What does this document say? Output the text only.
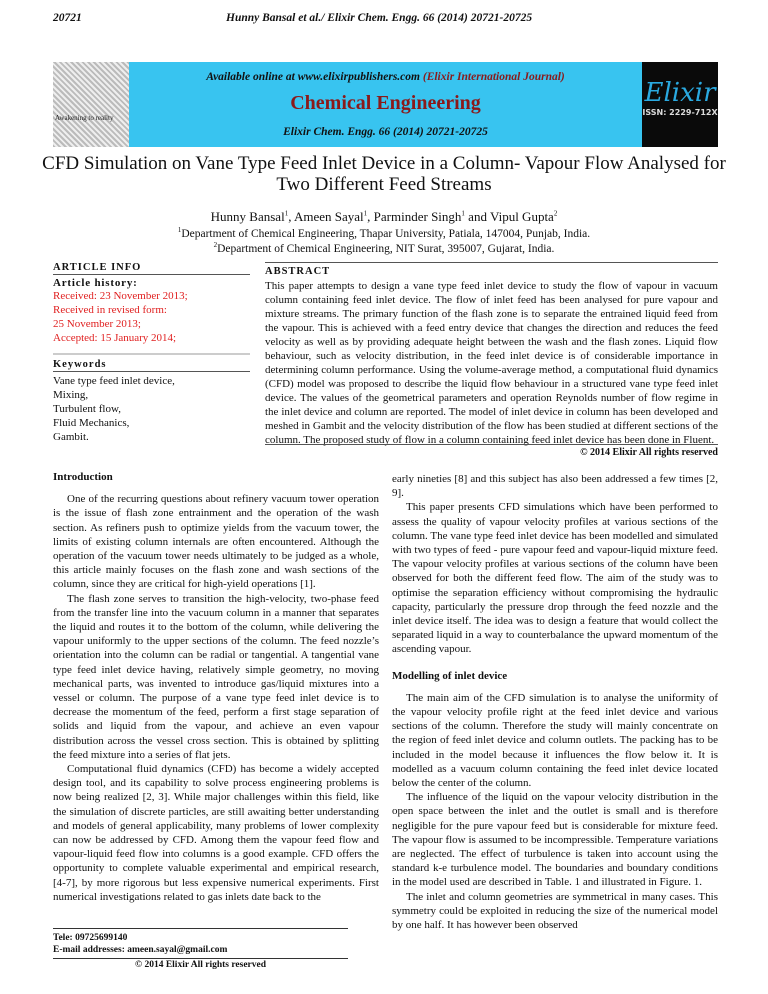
20721	Hunny Bansal et al./ Elixir Chem. Engg. 66 (2014) 20721-20725
Awakening to reality
Available online at www.elixirpublishers.com (Elixir International Journal)
Chemical Engineering
Elixir Chem. Engg. 66 (2014) 20721-20725
Elixir
ISSN: 2229-712X
CFD Simulation on Vane Type Feed Inlet Device in a Column- Vapour Flow Analysed for Two Different Feed Streams
Hunny Bansal$^1$, Ameen Sayal$^1$, Parminder Singh$^1$ and Vipul Gupta$^2$
$^1$Department of Chemical Engineering, Thapar University, Patiala, 147004, Punjab, India.
$^2$Department of Chemical Engineering, NIT Surat, 395007, Gujarat, India.
ARTICLE INFO
Article history:
Received: 23 November 2013;
Received in revised form:
25 November 2013;
Accepted: 15 January 2014;
Keywords
Vane type feed inlet device,
Mixing,
Turbulent flow,
Fluid Mechanics,
Gambit.
ABSTRACT

This paper attempts to design a vane type feed inlet device to study the flow of vapour in vacuum column containing feed inlet device. The flow of inlet feed has been analysed for pure vapour and mixture streams. The primary function of the flash zone is to separate the entrained liquid feed from the vapour. This is achieved with a feed entry device that changes the direction and reduces the feed velocity as well as by providing adequate height between the wash and the flash zones. Liquid flow behaviour, such as velocity distribution, in the feed inlet device is of considerable importance in determining column performance. Using the volume-average method, a computational fluid dynamics (CFD) model was proposed to describe the liquid flow behaviour in a structured vane type feed inlet device. The values of the geometrical parameters and operation Reynolds number of flow regime in the inlet device and column are reported. The model of inlet device in column has been developed and meshed in Gambit and the velocity distribution of the flow has been studied at different sections of the column. The proposed study of flow in a column containing feed inlet device has been done in Fluent.

© 2014 Elixir All rights reserved
Introduction

One of the recurring questions about refinery vacuum tower operation is the issue of flash zone entrainment and the operation of the wash section. As refiners push to optimize yields from the vacuum tower, the limits of existing column internals are often encountered. Although the operation of the vacuum tower needs ultimately to be judged as a whole, this article mainly focuses on the flash zone and wash sections of the column, since they are critical for high-yield operations [1].

The flash zone serves to transition the high-velocity, two-phase feed from the transfer line into the vacuum column in a manner that separates the liquid and routes it to the bottom of the column, while delivering the vapour uniformly to the upper sections of the column. The feed nozzle’s orientation into the column can be radial or tangential. A tangential vane type feed inlet device having, relatively simple geometry, no moving mechanical parts, was invented to introduce gas/liquid mixtures into a vessel or column. The purpose of a vane type feed inlet device is to decrease the momentum of the feed, perform a first stage separation of solids and liquid from the vapour, and achieve an even vapour distribution across the vessel cross section. This is obtained by splitting the feed mixture into a series of flat jets.

Computational fluid dynamics (CFD) has become a widely accepted design tool, and its capability to solve process engineering problems is now being realized [2, 3]. While major challenges within this field, like the simulation of discrete particles, are still awaiting better understanding and models of general applicability, many problems of lower complexity can now be addressed by CFD. Among them the vapour feed flow and vapour-liquid feed flow into columns is a good example. CFD offers the opportunity to complete valuable experimental and empirical research, [4-7], by more rigorous but less expensive numerical experiments. First numerical investigations related to gas inlets date back to the

early nineties [8] and this subject has also been addressed a few times [2, 9].

This paper presents CFD simulations which have been performed to assess the quality of vapour velocity profiles at various sections of the column. The vane type feed inlet device has been modelled and simulated with two types of feed - pure vapour feed and vapour-liquid mixture feed. The vapour velocity profiles at various sections of the column have been observed for both the different feed flow. The aim of the study was to optimise the separation efficiency without compromising the hydraulic capacity, particularly the pressure drop through the feed nozzle and the inlet device itself. The idea was to design a feature that would collect the separated liquid in a way to counterbalance the upward momentum of the ascending vapour.

Modelling of inlet device

The main aim of the CFD simulation is to analyse the uniformity of the vapour velocity profile right at the feed inlet device and various sections of the column. Therefore the study will mainly concentrate on the region of feed inlet device and column outlets. The packing has to be included in the model because it influences the flow below it. It is modelled as a vacuum column containing the feed inlet device located below the center of the column.

The influence of the liquid on the vapour velocity distribution in the open space between the inlet and the outlet is small and is therefore negligible for the pure vapour feed but is considerable for mixture feed. The vapour flow is assumed to be incompressible. Temperature variations are neglected. The effect of turbulence is taken into account using the standard k-e turbulence model. The boundaries and boundary conditions in the model used are described in Table. 1 and illustrated in Figure. 1.

The inlet and column geometries are symmetrical in many cases. This symmetry could be exploited in reducing the size of the numerical model by one half. It has however been observed

Tele: 09725699140
E-mail addresses: ameen.sayal@gmail.com
© 2014 Elixir All rights reserved
